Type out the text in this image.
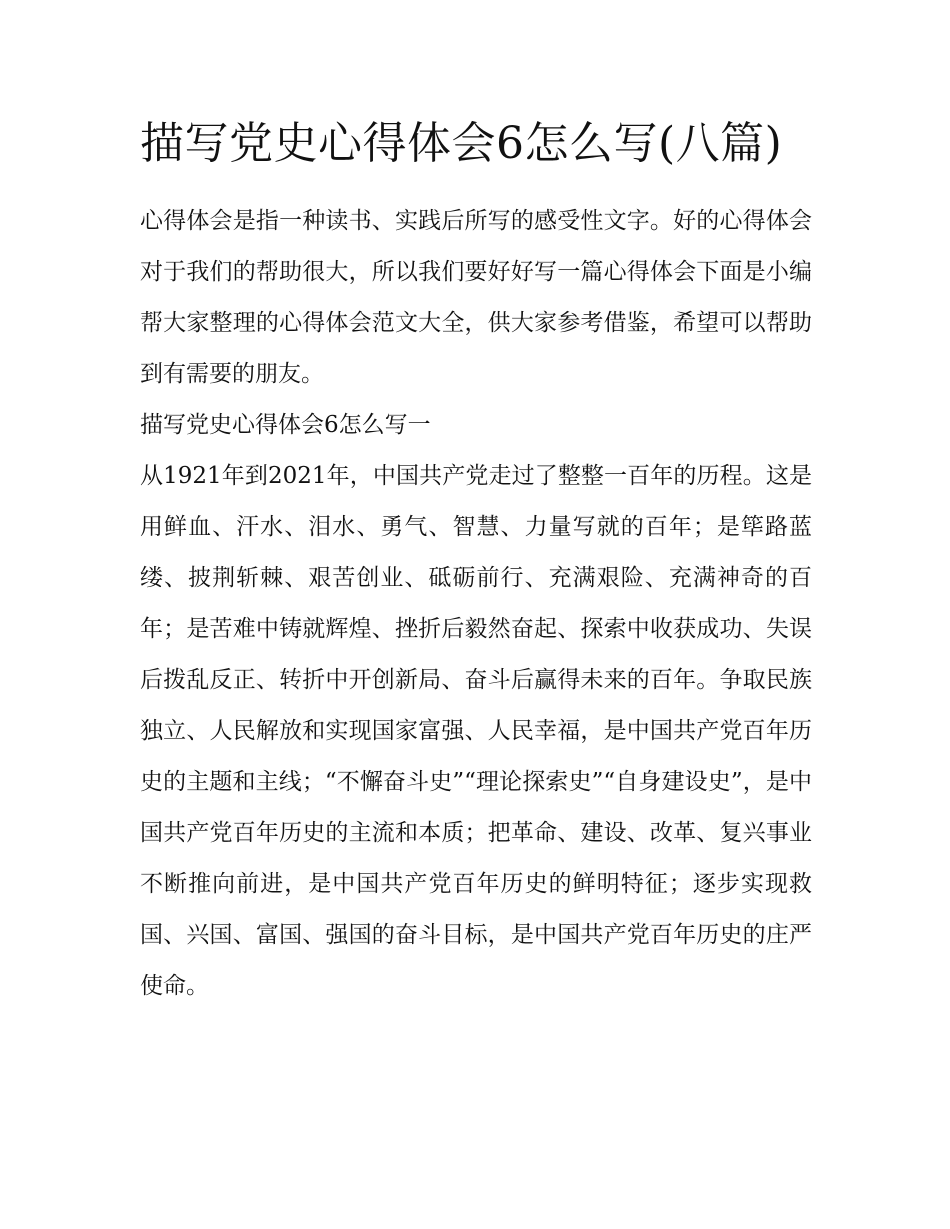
描写党史心得体会6怎么写(八篇)

心得体会是指一种读书、实践后所写的感受性文字。好的心得体会对于我们的帮助很大，所以我们要好好写一篇心得体会下面是小编帮大家整理的心得体会范文大全，供大家参考借鉴，希望可以帮助到有需要的朋友。

描写党史心得体会6怎么写一

从1921年到2021年，中国共产党走过了整整一百年的历程。这是用鲜血、汗水、泪水、勇气、智慧、力量写就的百年；是筚路蓝缕、披荆斩棘、艰苦创业、砥砺前行、充满艰险、充满神奇的百年；是苦难中铸就辉煌、挫折后毅然奋起、探索中收获成功、失误后拨乱反正、转折中开创新局、奋斗后赢得未来的百年。争取民族独立、人民解放和实现国家富强、人民幸福，是中国共产党百年历史的主题和主线；“不懈奋斗史”“理论探索史”“自身建设史”，是中国共产党百年历史的主流和本质；把革命、建设、改革、复兴事业不断推向前进，是中国共产党百年历史的鲜明特征；逐步实现救国、兴国、富国、强国的奋斗目标，是中国共产党百年历史的庄严使命。
